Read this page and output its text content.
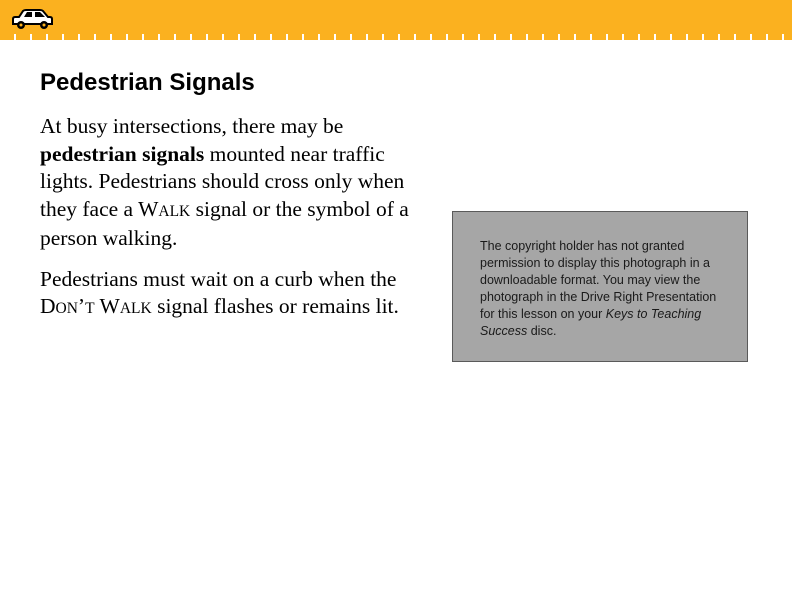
Pedestrian Signals

At busy intersections, there may be pedestrian signals mounted near traffic lights. Pedestrians should cross only when they face a WALK signal or the symbol of a person walking.

Pedestrians must wait on a curb when the DON’T WALK signal flashes or remains lit.

The copyright holder has not granted permission to display this photograph in a downloadable format. You may view the photograph in the Drive Right Presentation for this lesson on your Keys to Teaching Success disc.
